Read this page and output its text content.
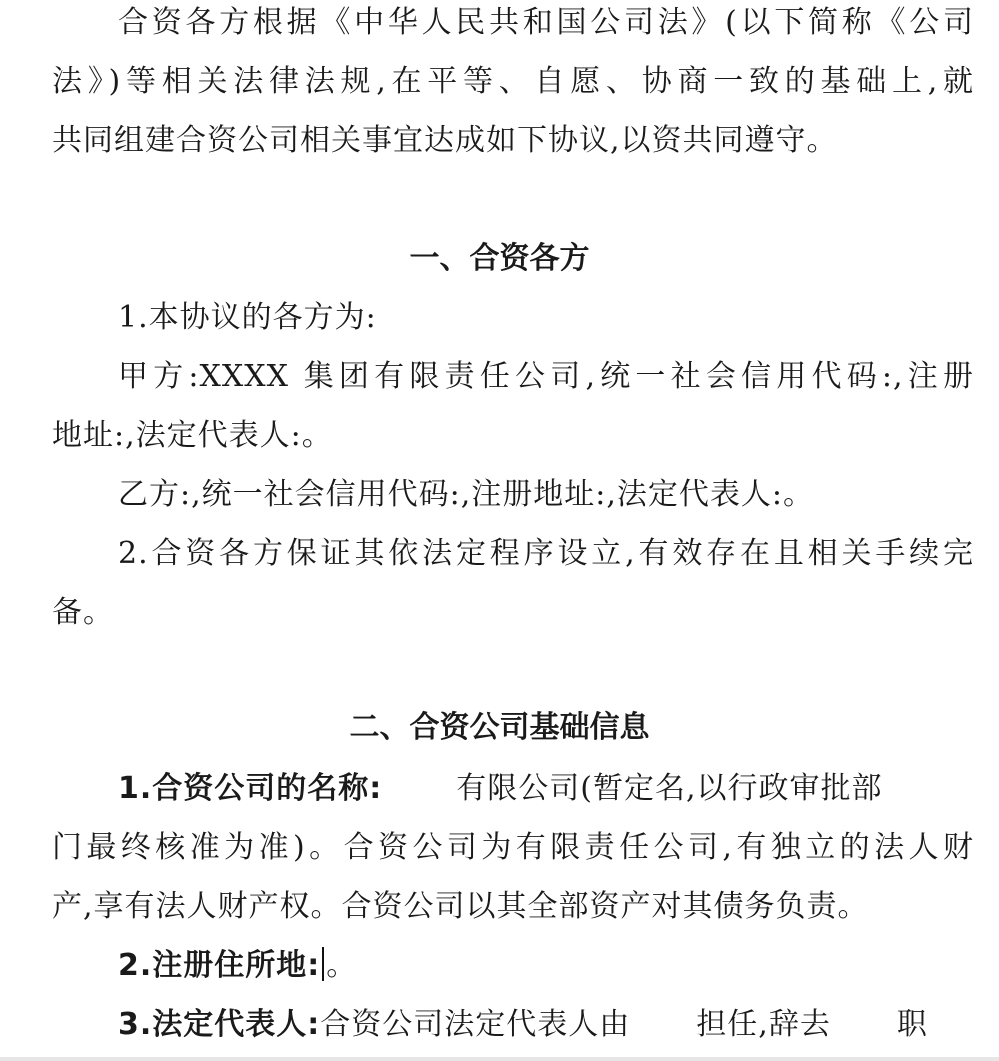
合资各方根据《中华人民共和国公司法》(以下简称《公司
法》)等相关法律法规,在平等、自愿、协商一致的基础上,就
共同组建合资公司相关事宜达成如下协议,以资共同遵守。
一、合资各方
1.本协议的各方为:
甲方:XXXX 集团有限责任公司,统一社会信用代码:,注册
地址:,法定代表人:。
乙方:,统一社会信用代码:,注册地址:,法定代表人:。
2.合资各方保证其依法定程序设立,有效存在且相关手续完
备。
二、合资公司基础信息
1.合资公司的名称: 有限公司(暂定名,以行政审批部
门最终核准为准)。合资公司为有限责任公司,有独立的法人财
产,享有法人财产权。合资公司以其全部资产对其债务负责。
2.注册住所地: 。
3.法定代表人:合资公司法定代表人由 担任,辞去 职
